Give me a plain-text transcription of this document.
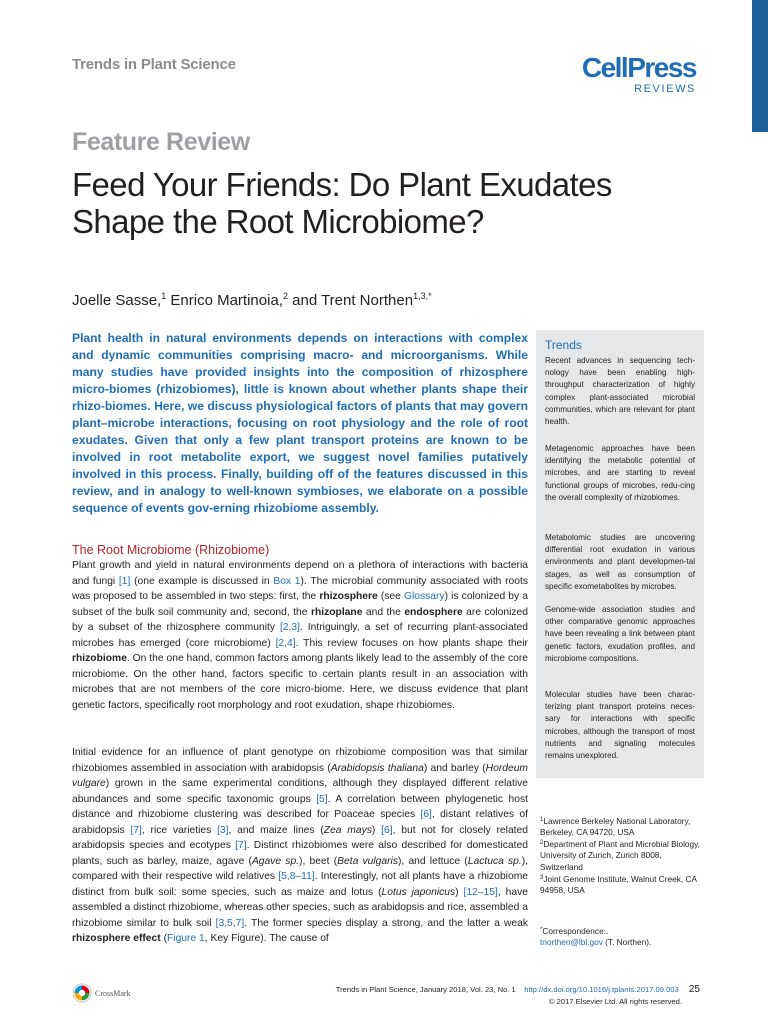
Trends in Plant Science	CellPress
REVIEWS
Feature Review
Feed Your Friends: Do Plant Exudates Shape the Root Microbiome?
Joelle Sasse,$^1$ Enrico Martinoia,$^2$ and Trent Northen$^{1,3,*}$
Plant health in natural environments depends on interactions with complex and dynamic communities comprising macro- and microorganisms. While many studies have provided insights into the composition of rhizosphere micro-biomes (rhizobiomes), little is known about whether plants shape their rhizo-biomes. Here, we discuss physiological factors of plants that may govern plant–microbe interactions, focusing on root physiology and the role of root exudates. Given that only a few plant transport proteins are known to be involved in root metabolite export, we suggest novel families putatively involved in this process. Finally, building off of the features discussed in this review, and in analogy to well-known symbioses, we elaborate on a possible sequence of events gov-erning rhizobiome assembly.
Trends
Recent advances in sequencing tech-nology have been enabling high-throughput characterization of highly complex plant-associated microbial communities, which are relevant for plant health.
Metagenomic approaches have been identifying the metabolic potential of microbes, and are starting to reveal functional groups of microbes, redu-cing the overall complexity of rhizobiomes.
Metabolomic studies are uncovering differential root exudation in various environments and plant developmen-tal stages, as well as consumption of specific exometabolites by microbes.
Genome-wide association studies and other comparative genomic approaches have been revealing a link between plant genetic factors, exudation profiles, and microbiome compositions.
Molecular studies have been charac-terizing plant transport proteins neces-sary for interactions with specific microbes, although the transport of most nutrients and signaling molecules remains unexplored.
The Root Microbiome (Rhizobiome)
Plant growth and yield in natural environments depend on a plethora of interactions with bacteria and fungi [1] (one example is discussed in Box 1). The microbial community associated with roots was proposed to be assembled in two steps: first, the rhizosphere (see Glossary) is colonized by a subset of the bulk soil community and, second, the rhizoplane and the endosphere are colonized by a subset of the rhizosphere community [2,3]. Intriguingly, a set of recurring plant-associated microbes has emerged (core microbiome) [2,4]. This review focuses on how plants shape their rhizobiome. On the one hand, common factors among plants likely lead to the assembly of the core microbiome. On the other hand, factors specific to certain plants result in an association with microbes that are not members of the core micro-biome. Here, we discuss evidence that plant genetic factors, specifically root morphology and root exudation, shape rhizobiomes.
Initial evidence for an influence of plant genotype on rhizobiome composition was that similar rhizobiomes assembled in association with arabidopsis (Arabidopsis thaliana) and barley (Hordeum vulgare) grown in the same experimental conditions, although they displayed different relative abundances and some specific taxonomic groups [5]. A correlation between phylogenetic host distance and rhizobiome clustering was described for Poaceae species [6], distant relatives of arabidopsis [7], rice varieties [3], and maize lines (Zea mays) [6], but not for closely related arabidopsis species and ecotypes [7]. Distinct rhizobiomes were also described for domesticated plants, such as barley, maize, agave (Agave sp.), beet (Beta vulgaris), and lettuce (Lactuca sp.), compared with their respective wild relatives [5,8–11]. Interestingly, not all plants have a rhizobiome distinct from bulk soil: some species, such as maize and lotus (Lotus japonicus) [12–15], have assembled a distinct rhizobiome, whereas other species, such as arabidopsis and rice, assembled a rhizobiome similar to bulk soil [3,5,7]. The former species display a strong, and the latter a weak rhizosphere effect (Figure 1, Key Figure). The cause of
$^1$Lawrence Berkeley National Laboratory, Berkeley, CA 94720, USA
$^2$Department of Plant and Microbial Biology, University of Zurich, Zurich 8008, Switzerland
$^3$Joint Genome Institute, Walnut Creek, CA 94958, USA
*Correspondence:.
tnorthen@lbl.gov (T. Northen).
CrossMark	Trends in Plant Science, January 2018, Vol. 23, No. 1 http://dx.doi.org/10.1016/j.tplants.2017.09.003 25
© 2017 Elsevier Ltd. All rights reserved.
